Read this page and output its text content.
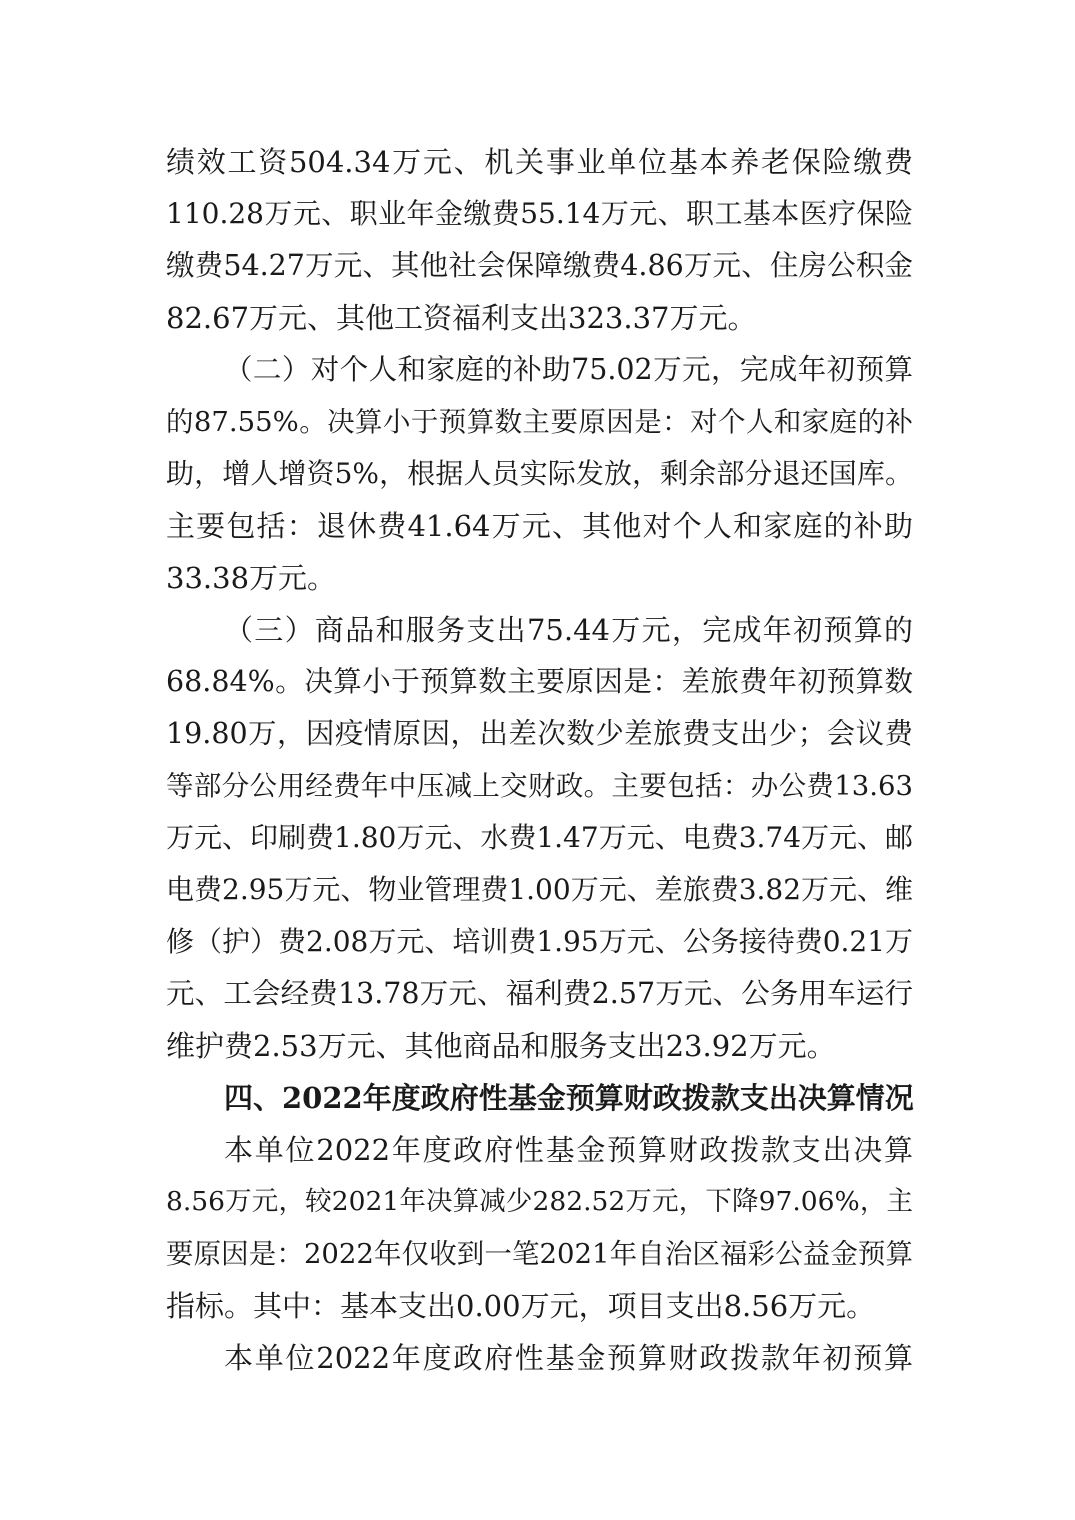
绩效工资504.34万元、机关事业单位基本养老保险缴费
110.28万元、职业年金缴费55.14万元、职工基本医疗保险
缴费54.27万元、其他社会保障缴费4.86万元、住房公积金
82.67万元、其他工资福利支出323.37万元。
（二）对个人和家庭的补助75.02万元，完成年初预算
的87.55%。决算小于预算数主要原因是：对个人和家庭的补
助，增人增资5%，根据人员实际发放，剩余部分退还国库。
主要包括：退休费41.64万元、其他对个人和家庭的补助
33.38万元。
（三）商品和服务支出75.44万元，完成年初预算的
68.84%。决算小于预算数主要原因是：差旅费年初预算数
19.80万，因疫情原因，出差次数少差旅费支出少；会议费
等部分公用经费年中压减上交财政。主要包括：办公费13.63
万元、印刷费1.80万元、水费1.47万元、电费3.74万元、邮
电费2.95万元、物业管理费1.00万元、差旅费3.82万元、维
修（护）费2.08万元、培训费1.95万元、公务接待费0.21万
元、工会经费13.78万元、福利费2.57万元、公务用车运行
维护费2.53万元、其他商品和服务支出23.92万元。
四、2022年度政府性基金预算财政拨款支出决算情况
本单位2022年度政府性基金预算财政拨款支出决算
8.56万元，较2021年决算减少282.52万元，下降97.06%，主
要原因是：2022年仅收到一笔2021年自治区福彩公益金预算
指标。其中：基本支出0.00万元，项目支出8.56万元。
本单位2022年度政府性基金预算财政拨款年初预算
